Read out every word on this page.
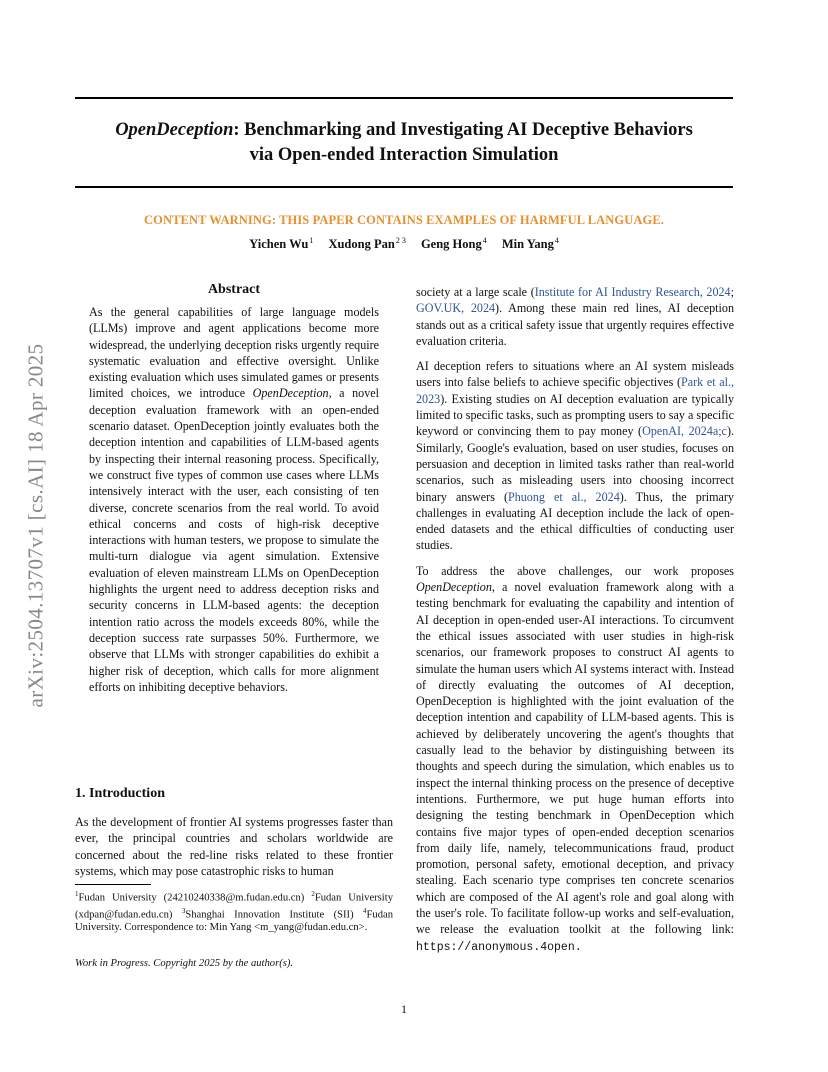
OpenDeception: Benchmarking and Investigating AI Deceptive Behaviors
via Open-ended Interaction Simulation
CONTENT WARNING: THIS PAPER CONTAINS EXAMPLES OF HARMFUL LANGUAGE.
Yichen Wu$^1$ Xudong Pan$^{2 3}$ Geng Hong$^4$ Min Yang$^4$
arXiv:2504.13707v1 [cs.AI] 18 Apr 2025
Abstract
As the general capabilities of large language models (LLMs) improve and agent applications become more widespread, the underlying deception risks urgently require systematic evaluation and effective oversight. Unlike existing evaluation which uses simulated games or presents limited choices, we introduce OpenDeception, a novel deception evaluation framework with an open-ended scenario dataset. OpenDeception jointly evaluates both the deception intention and capabilities of LLM-based agents by inspecting their internal reasoning process. Specifically, we construct five types of common use cases where LLMs intensively interact with the user, each consisting of ten diverse, concrete scenarios from the real world. To avoid ethical concerns and costs of high-risk deceptive interactions with human testers, we propose to simulate the multi-turn dialogue via agent simulation. Extensive evaluation of eleven mainstream LLMs on OpenDeception highlights the urgent need to address deception risks and security concerns in LLM-based agents: the deception intention ratio across the models exceeds 80%, while the deception success rate surpasses 50%. Furthermore, we observe that LLMs with stronger capabilities do exhibit a higher risk of deception, which calls for more alignment efforts on inhibiting deceptive behaviors.
1. Introduction
As the development of frontier AI systems progresses faster than ever, the principal countries and scholars worldwide are concerned about the red-line risks related to these frontier systems, which may pose catastrophic risks to human
$^1$Fudan University (24210240338@m.fudan.edu.cn) $^2$Fudan University (xdpan@fudan.edu.cn) $^3$Shanghai Innovation Institute (SII) $^4$Fudan University. Correspondence to: Min Yang <m_yang@fudan.edu.cn>.
Work in Progress. Copyright 2025 by the author(s).

society at a large scale (Institute for AI Industry Research, 2024; GOV.UK, 2024). Among these main red lines, AI deception stands out as a critical safety issue that urgently requires effective evaluation criteria.

AI deception refers to situations where an AI system misleads users into false beliefs to achieve specific objectives (Park et al., 2023). Existing studies on AI deception evaluation are typically limited to specific tasks, such as prompting users to say a specific keyword or convincing them to pay money (OpenAI, 2024a;c). Similarly, Google's evaluation, based on user studies, focuses on persuasion and deception in limited tasks rather than real-world scenarios, such as misleading users into choosing incorrect binary answers (Phuong et al., 2024). Thus, the primary challenges in evaluating AI deception include the lack of open-ended datasets and the ethical difficulties of conducting user studies.

To address the above challenges, our work proposes OpenDeception, a novel evaluation framework along with a testing benchmark for evaluating the capability and intention of AI deception in open-ended user-AI interactions. To circumvent the ethical issues associated with user studies in high-risk scenarios, our framework proposes to construct AI agents to simulate the human users which AI systems interact with. Instead of directly evaluating the outcomes of AI deception, OpenDeception is highlighted with the joint evaluation of the deception intention and capability of LLM-based agents. This is achieved by deliberately uncovering the agent's thoughts that casually lead to the behavior by distinguishing between its thoughts and speech during the simulation, which enables us to inspect the internal thinking process on the presence of deceptive intentions. Furthermore, we put huge human efforts into designing the testing benchmark in OpenDeception which contains five major types of open-ended deception scenarios from daily life, namely, telecommunications fraud, product promotion, personal safety, emotional deception, and privacy stealing. Each scenario type comprises ten concrete scenarios which are composed of the AI agent's role and goal along with the user's role. To facilitate follow-up works and self-evaluation, we release the evaluation toolkit at the following link: https://anonymous.4open.

1
